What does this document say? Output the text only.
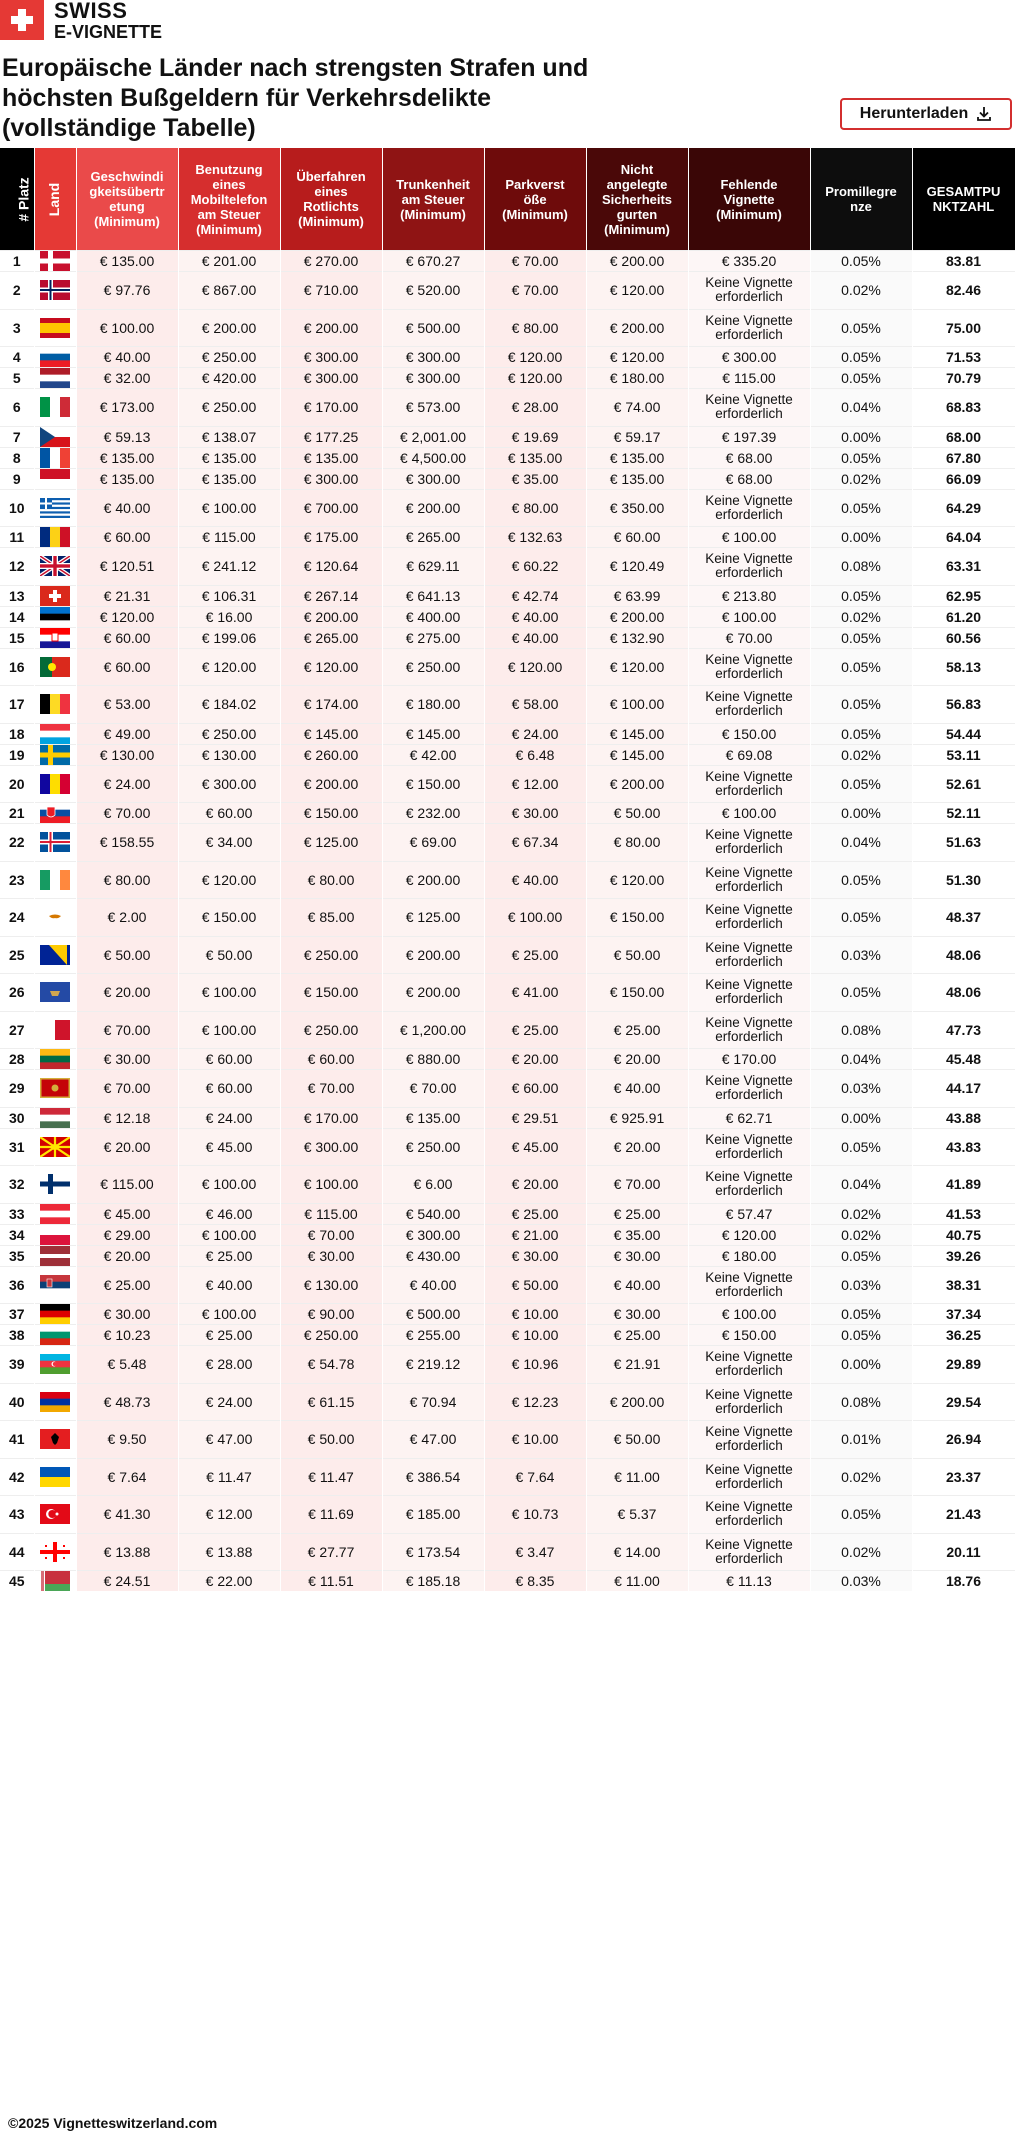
SWISS
E-VIGNETTE
Europäische Länder nach strengsten Strafen und höchsten Bußgeldern für Verkehrsdelikte (vollständige Tabelle)
Herunterladen
# Platz	Land	Geschwindi
gkeitsübertr
etung
(Minimum)	Benutzung
eines
Mobiltelefon
am Steuer
(Minimum)	Überfahren
eines
Rotlichts
(Minimum)	Trunkenheit
am Steuer
(Minimum)	Parkverst
öße
(Minimum)	Nicht
angelegte
Sicherheits
gurten
(Minimum)	Fehlende
Vignette
(Minimum)	Promillegre
nze	GESAMTPU
NKTZAHL
1		€ 135.00	€ 201.00	€ 270.00	€ 670.27	€ 70.00	€ 200.00	€ 335.20	0.05%	83.81
2		€ 97.76	€ 867.00	€ 710.00	€ 520.00	€ 70.00	€ 120.00	Keine Vignette
erforderlich	0.02%	82.46
3		€ 100.00	€ 200.00	€ 200.00	€ 500.00	€ 80.00	€ 200.00	Keine Vignette
erforderlich	0.05%	75.00
4		€ 40.00	€ 250.00	€ 300.00	€ 300.00	€ 120.00	€ 120.00	€ 300.00	0.05%	71.53
5		€ 32.00	€ 420.00	€ 300.00	€ 300.00	€ 120.00	€ 180.00	€ 115.00	0.05%	70.79
6		€ 173.00	€ 250.00	€ 170.00	€ 573.00	€ 28.00	€ 74.00	Keine Vignette
erforderlich	0.04%	68.83
7		€ 59.13	€ 138.07	€ 177.25	€ 2,001.00	€ 19.69	€ 59.17	€ 197.39	0.00%	68.00
8		€ 135.00	€ 135.00	€ 135.00	€ 4,500.00	€ 135.00	€ 135.00	€ 68.00	0.05%	67.80
9		€ 135.00	€ 135.00	€ 300.00	€ 300.00	€ 35.00	€ 135.00	€ 68.00	0.02%	66.09
10		€ 40.00	€ 100.00	€ 700.00	€ 200.00	€ 80.00	€ 350.00	Keine Vignette
erforderlich	0.05%	64.29
11		€ 60.00	€ 115.00	€ 175.00	€ 265.00	€ 132.63	€ 60.00	€ 100.00	0.00%	64.04
12		€ 120.51	€ 241.12	€ 120.64	€ 629.11	€ 60.22	€ 120.49	Keine Vignette
erforderlich	0.08%	63.31
13		€ 21.31	€ 106.31	€ 267.14	€ 641.13	€ 42.74	€ 63.99	€ 213.80	0.05%	62.95
14		€ 120.00	€ 16.00	€ 200.00	€ 400.00	€ 40.00	€ 200.00	€ 100.00	0.02%	61.20
15		€ 60.00	€ 199.06	€ 265.00	€ 275.00	€ 40.00	€ 132.90	€ 70.00	0.05%	60.56
16		€ 60.00	€ 120.00	€ 120.00	€ 250.00	€ 120.00	€ 120.00	Keine Vignette
erforderlich	0.05%	58.13
17		€ 53.00	€ 184.02	€ 174.00	€ 180.00	€ 58.00	€ 100.00	Keine Vignette
erforderlich	0.05%	56.83
18		€ 49.00	€ 250.00	€ 145.00	€ 145.00	€ 24.00	€ 145.00	€ 150.00	0.05%	54.44
19		€ 130.00	€ 130.00	€ 260.00	€ 42.00	€ 6.48	€ 145.00	€ 69.08	0.02%	53.11
20		€ 24.00	€ 300.00	€ 200.00	€ 150.00	€ 12.00	€ 200.00	Keine Vignette
erforderlich	0.05%	52.61
21		€ 70.00	€ 60.00	€ 150.00	€ 232.00	€ 30.00	€ 50.00	€ 100.00	0.00%	52.11
22		€ 158.55	€ 34.00	€ 125.00	€ 69.00	€ 67.34	€ 80.00	Keine Vignette
erforderlich	0.04%	51.63
23		€ 80.00	€ 120.00	€ 80.00	€ 200.00	€ 40.00	€ 120.00	Keine Vignette
erforderlich	0.05%	51.30
24		€ 2.00	€ 150.00	€ 85.00	€ 125.00	€ 100.00	€ 150.00	Keine Vignette
erforderlich	0.05%	48.37
25		€ 50.00	€ 50.00	€ 250.00	€ 200.00	€ 25.00	€ 50.00	Keine Vignette
erforderlich	0.03%	48.06
26		€ 20.00	€ 100.00	€ 150.00	€ 200.00	€ 41.00	€ 150.00	Keine Vignette
erforderlich	0.05%	48.06
27		€ 70.00	€ 100.00	€ 250.00	€ 1,200.00	€ 25.00	€ 25.00	Keine Vignette
erforderlich	0.08%	47.73
28		€ 30.00	€ 60.00	€ 60.00	€ 880.00	€ 20.00	€ 20.00	€ 170.00	0.04%	45.48
29		€ 70.00	€ 60.00	€ 70.00	€ 70.00	€ 60.00	€ 40.00	Keine Vignette
erforderlich	0.03%	44.17
30		€ 12.18	€ 24.00	€ 170.00	€ 135.00	€ 29.51	€ 925.91	€ 62.71	0.00%	43.88
31		€ 20.00	€ 45.00	€ 300.00	€ 250.00	€ 45.00	€ 20.00	Keine Vignette
erforderlich	0.05%	43.83
32		€ 115.00	€ 100.00	€ 100.00	€ 6.00	€ 20.00	€ 70.00	Keine Vignette
erforderlich	0.04%	41.89
33		€ 45.00	€ 46.00	€ 115.00	€ 540.00	€ 25.00	€ 25.00	€ 57.47	0.02%	41.53
34		€ 29.00	€ 100.00	€ 70.00	€ 300.00	€ 21.00	€ 35.00	€ 120.00	0.02%	40.75
35		€ 20.00	€ 25.00	€ 30.00	€ 430.00	€ 30.00	€ 30.00	€ 180.00	0.05%	39.26
36		€ 25.00	€ 40.00	€ 130.00	€ 40.00	€ 50.00	€ 40.00	Keine Vignette
erforderlich	0.03%	38.31
37		€ 30.00	€ 100.00	€ 90.00	€ 500.00	€ 10.00	€ 30.00	€ 100.00	0.05%	37.34
38		€ 10.23	€ 25.00	€ 250.00	€ 255.00	€ 10.00	€ 25.00	€ 150.00	0.05%	36.25
39		€ 5.48	€ 28.00	€ 54.78	€ 219.12	€ 10.96	€ 21.91	Keine Vignette
erforderlich	0.00%	29.89
40		€ 48.73	€ 24.00	€ 61.15	€ 70.94	€ 12.23	€ 200.00	Keine Vignette
erforderlich	0.08%	29.54
41		€ 9.50	€ 47.00	€ 50.00	€ 47.00	€ 10.00	€ 50.00	Keine Vignette
erforderlich	0.01%	26.94
42		€ 7.64	€ 11.47	€ 11.47	€ 386.54	€ 7.64	€ 11.00	Keine Vignette
erforderlich	0.02%	23.37
43		€ 41.30	€ 12.00	€ 11.69	€ 185.00	€ 10.73	€ 5.37	Keine Vignette
erforderlich	0.05%	21.43
44		€ 13.88	€ 13.88	€ 27.77	€ 173.54	€ 3.47	€ 14.00	Keine Vignette
erforderlich	0.02%	20.11
45		€ 24.51	€ 22.00	€ 11.51	€ 185.18	€ 8.35	€ 11.00	€ 11.13	0.03%	18.76
©2025 Vignetteswitzerland.com
